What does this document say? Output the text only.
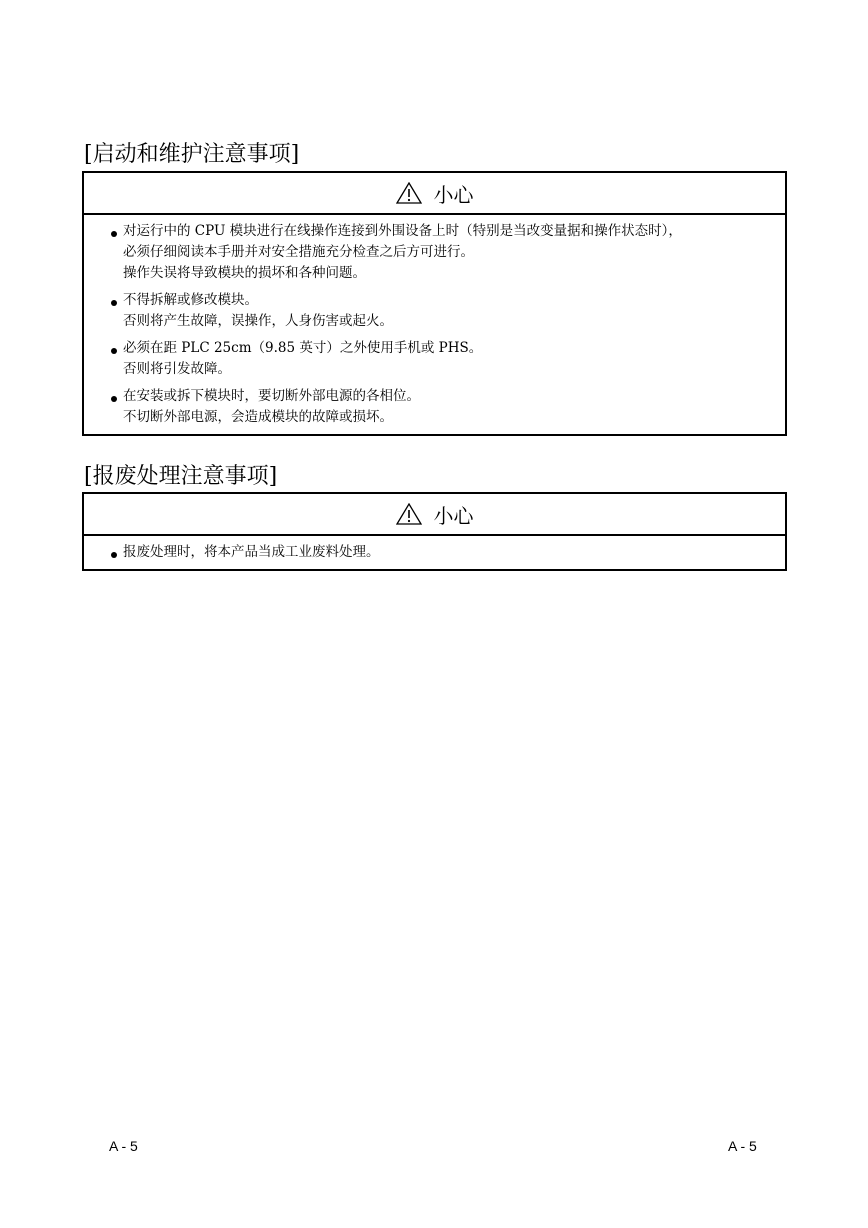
[启动和维护注意事项]
小心
对运行中的 CPU 模块进行在线操作连接到外围设备上时（特别是当改变量据和操作状态时），
必须仔细阅读本手册并对安全措施充分检查之后方可进行。
操作失误将导致模块的损坏和各种问题。
不得拆解或修改模块。
否则将产生故障，误操作，人身伤害或起火。
必须在距 PLC 25cm（9.85 英寸）之外使用手机或 PHS。
否则将引发故障。
在安装或拆下模块时，要切断外部电源的各相位。
不切断外部电源，会造成模块的故障或损坏。
[报废处理注意事项]
小心
报废处理时，将本产品当成工业废料处理。
A - 5	A - 5
